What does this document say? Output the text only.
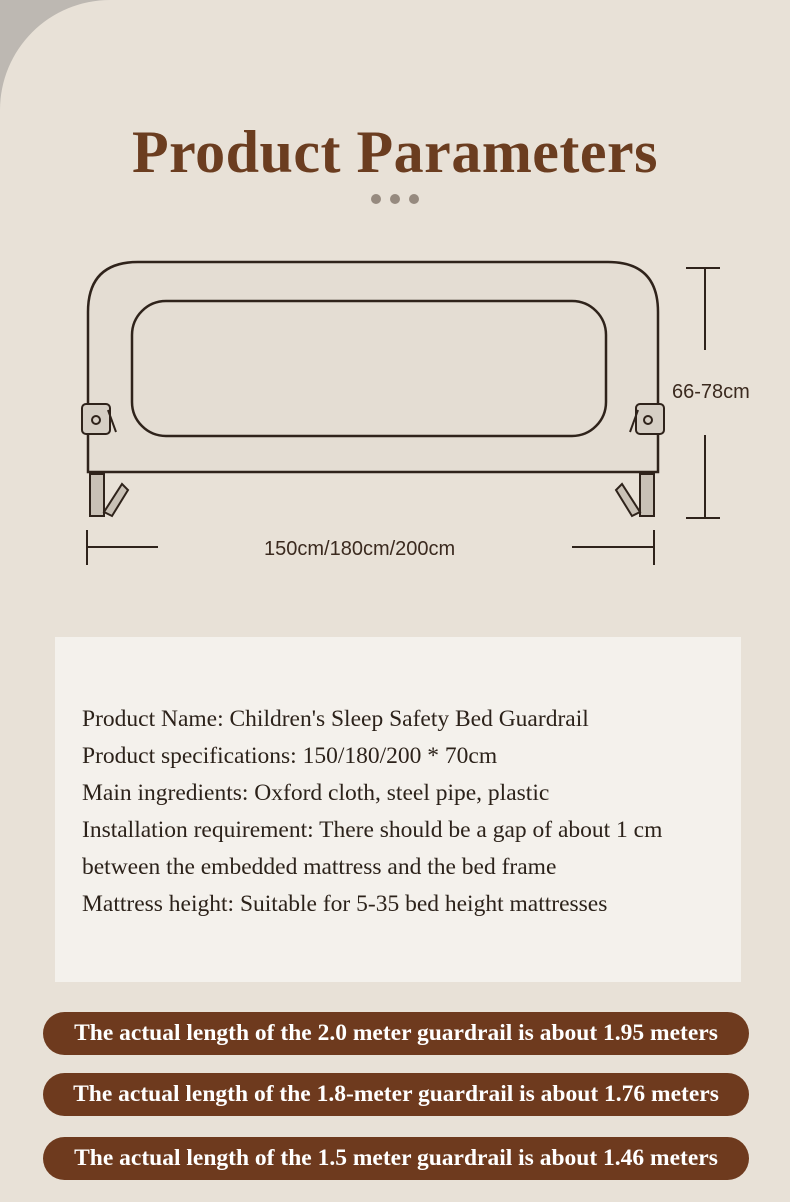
Product Parameters
66-78cm
150cm/180cm/200cm
Product Name: Children's Sleep Safety Bed Guardrail
Product specifications: 150/180/200 * 70cm
Main ingredients: Oxford cloth, steel pipe, plastic
Installation requirement: There should be a gap of about 1 cm
between the embedded mattress and the bed frame
Mattress height: Suitable for 5-35 bed height mattresses
The actual length of the 2.0 meter guardrail is about 1.95 meters
The actual length of the 1.8-meter guardrail is about 1.76 meters
The actual length of the 1.5 meter guardrail is about 1.46 meters
